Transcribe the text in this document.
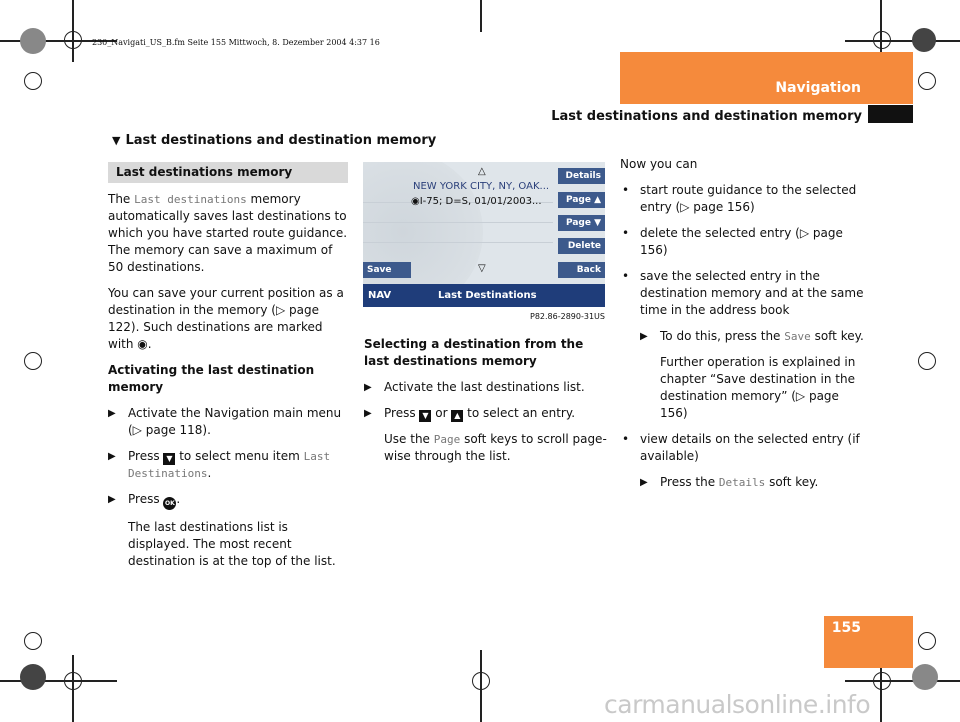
230_Navigati_US_B.fm Seite 155 Mittwoch, 8. Dezember 2004 4:37 16
Navigation
Last destinations and destination memory
▼ Last destinations and destination memory
Last destinations memory

The Last destinations memory automatically saves last destinations to which you have started route guidance. The memory can save a maximum of 50 destinations.

You can save your current position as a destination in the memory (▷ page 122). Such destinations are marked with ◉.

Activating the last destination memory

▶ Activate the Navigation main menu (▷ page 118).
▶ Press ▼ to select menu item Last Destinations.
▶ Press OK .

The last destinations list is displayed. The most recent destination is at the top of the list.

△
NEW YORK CITY, NY, OAK...
◉I-75; D=S, 01/01/2003...
▽
Details
Page ▲
Page ▼
Delete
Back
Save
NAV	Last Destinations
P82.86-2890-31US

Selecting a destination from the last destinations memory

▶ Activate the last destinations list.
▶ Press ▼ or ▲ to select an entry.

Use the Page soft keys to scroll page-wise through the list.

Now you can

• start route guidance to the selected entry (▷ page 156)
• delete the selected entry (▷ page 156)
• save the selected entry in the destination memory and at the same time in the address book
▶ To do this, press the Save soft key.

Further operation is explained in chapter “Save destination in the destination memory” (▷ page 156)

• view details on the selected entry (if available)
▶ Press the Details soft key.
155
carmanualsonline.info
